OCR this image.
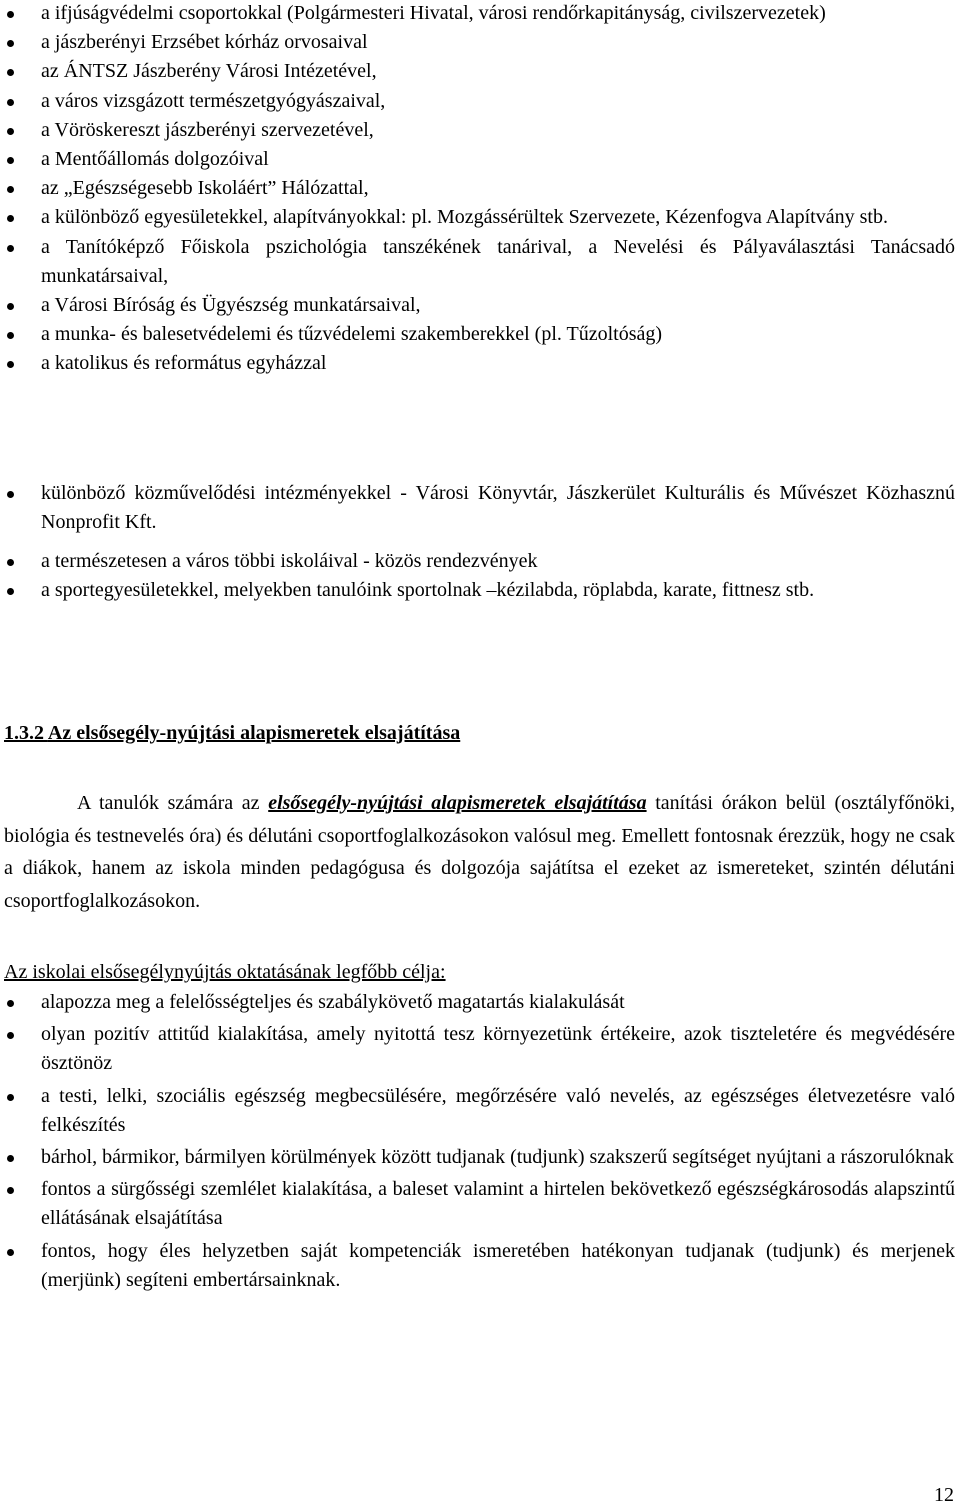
a ifjúságvédelmi csoportokkal (Polgármesteri Hivatal, városi rendőrkapitányság, civilszervezetek)
a jászberényi Erzsébet kórház orvosaival
az ÁNTSZ Jászberény Városi Intézetével,
a város vizsgázott természetgyógyászaival,
a Vöröskereszt jászberényi szervezetével,
a Mentőállomás dolgozóival
az „Egészségesebb Iskoláért” Hálózattal,
a különböző egyesületekkel, alapítványokkal: pl. Mozgássérültek Szervezete, Kézenfogva Alapítvány stb.
a Tanítóképző Főiskola pszichológia tanszékének tanárival, a Nevelési és Pályaválasztási Tanácsadó munkatársaival,
a Városi Bíróság és Ügyészség munkatársaival,
a munka- és balesetvédelemi és tűzvédelemi szakemberekkel (pl. Tűzoltóság)
a katolikus és református egyházzal
különböző közművelődési intézményekkel - Városi Könyvtár, Jászkerület Kulturális és Művészet Közhasznú Nonprofit Kft.
a természetesen a város többi iskoláival - közös rendezvények
a sportegyesületekkel, melyekben tanulóink sportolnak –kézilabda, röplabda, karate, fittnesz stb.
1.3.2 Az elsősegély-nyújtási alapismeretek elsajátítása
A tanulók számára az elsősegély-nyújtási alapismeretek elsajátítása tanítási órákon belül (osztályfőnöki, biológia és testnevelés óra) és délutáni csoportfoglalkozásokon valósul meg. Emellett fontosnak érezzük, hogy ne csak a diákok, hanem az iskola minden pedagógusa és dolgozója sajátítsa el ezeket az ismereteket, szintén délutáni csoportfoglalkozásokon.
Az iskolai elsősegélynyújtás oktatásának legfőbb célja:
alapozza meg a felelősségteljes és szabálykövető magatartás kialakulását
olyan pozitív attitűd kialakítása, amely nyitottá tesz környezetünk értékeire, azok tiszteletére és megvédésére ösztönöz
a testi, lelki, szociális egészség megbecsülésére, megőrzésére való nevelés, az egészséges életvezetésre való felkészítés
bárhol, bármikor, bármilyen körülmények között tudjanak (tudjunk) szakszerű segítséget nyújtani a rászorulóknak
fontos a sürgősségi szemlélet kialakítása, a baleset valamint a hirtelen bekövetkező egészségkárosodás alapszintű ellátásának elsajátítása
fontos, hogy éles helyzetben saját kompetenciák ismeretében hatékonyan tudjanak (tudjunk) és merjenek (merjünk) segíteni embertársainknak.
12
